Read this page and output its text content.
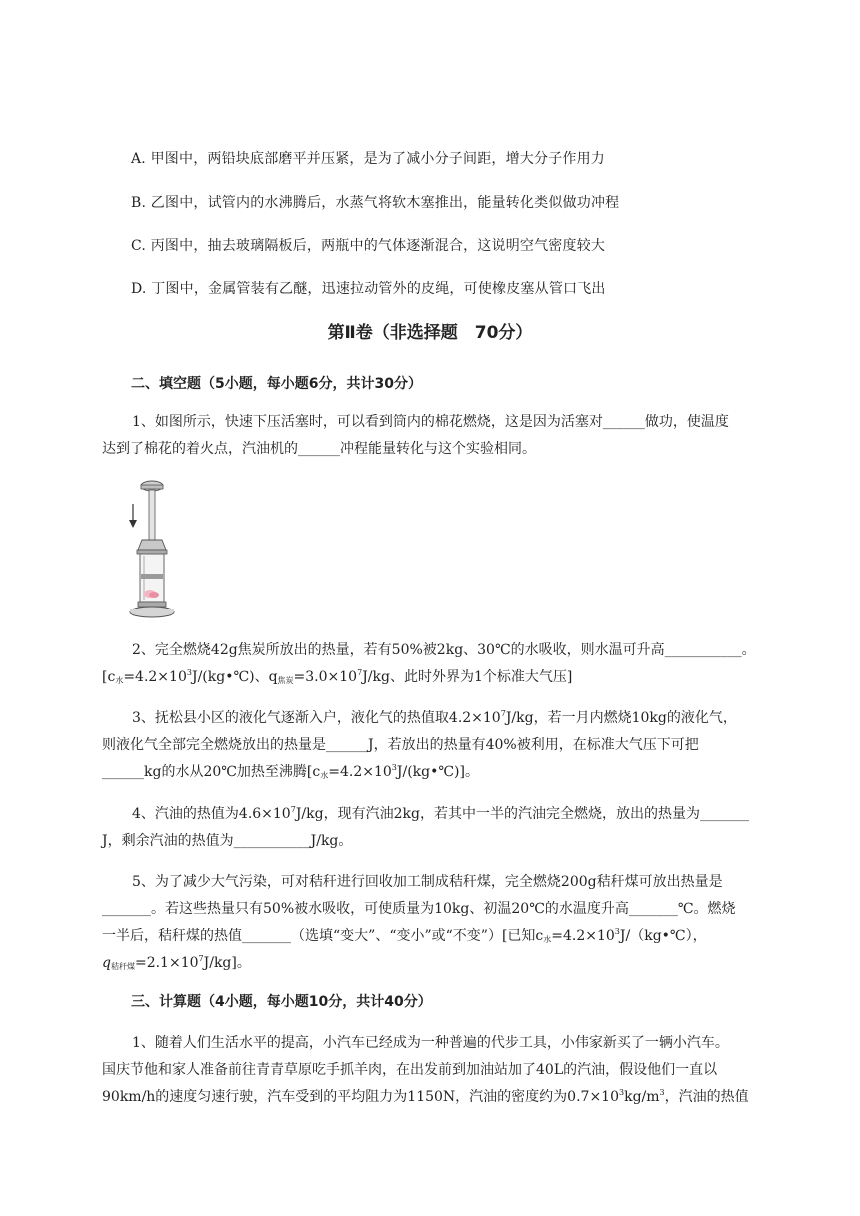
A. 甲图中，两铅块底部磨平并压紧，是为了减小分子间距，增大分子作用力
B. 乙图中，试管内的水沸腾后，水蒸气将软木塞推出，能量转化类似做功冲程
C. 丙图中，抽去玻璃隔板后，两瓶中的气体逐渐混合，这说明空气密度较大
D. 丁图中，金属管装有乙醚，迅速拉动管外的皮绳，可使橡皮塞从管口飞出
第Ⅱ卷（非选择题　70分）
二、填空题（5小题，每小题6分，共计30分）
1、如图所示，快速下压活塞时，可以看到筒内的棉花燃烧，这是因为活塞对______做功，使温度
达到了棉花的着火点，汽油机的______冲程能量转化与这个实验相同。
2、完全燃烧42g焦炭所放出的热量，若有50%被2kg、30℃的水吸收，则水温可升高___________。
[$c_水=4.2\times 10^3J/(kg•℃)$、$q_{焦炭}=3.0\times 10^7J/kg$、此时外界为1个标准大气压]
3、抚松县小区的液化气逐渐入户，液化气的热值取$4.2\times 10^7J/kg$，若一月内燃烧10kg的液化气，
则液化气全部完全燃烧放出的热量是______J，若放出的热量有40%被利用，在标准大气压下可把
______kg的水从20℃加热至沸腾$[c_水=4.2\times 10^3J/(kg•℃)]$。
4、汽油的热值为$4.6\times 10^7J/kg$，现有汽油2kg，若其中一半的汽油完全燃烧，放出的热量为_______
J，剩余汽油的热值为___________J/kg。
5、为了减少大气污染，可对秸秆进行回收加工制成秸秆煤，完全燃烧200g秸秆煤可放出热量是
_______。若这些热量只有50%被水吸收，可使质量为10kg、初温20℃的水温度升高_______℃。燃烧
一半后，秸秆煤的热值_______（选填“变大”、“变小”或“不变”）[已知$c_水=4.2\times 10^3J/(kg•℃)$，
$q_{秸秆煤}=2.1\times 10^7J/kg$]。
三、计算题（4小题，每小题10分，共计40分）
1、随着人们生活水平的提高，小汽车已经成为一种普遍的代步工具，小伟家新买了一辆小汽车。
国庆节他和家人准备前往青青草原吃手抓羊肉，在出发前到加油站加了40L的汽油，假设他们一直以
90km/h的速度匀速行驶，汽车受到的平均阻力为1150N，汽油的密度约为$0.7\times 10^3kg/m^3$，汽油的热值
